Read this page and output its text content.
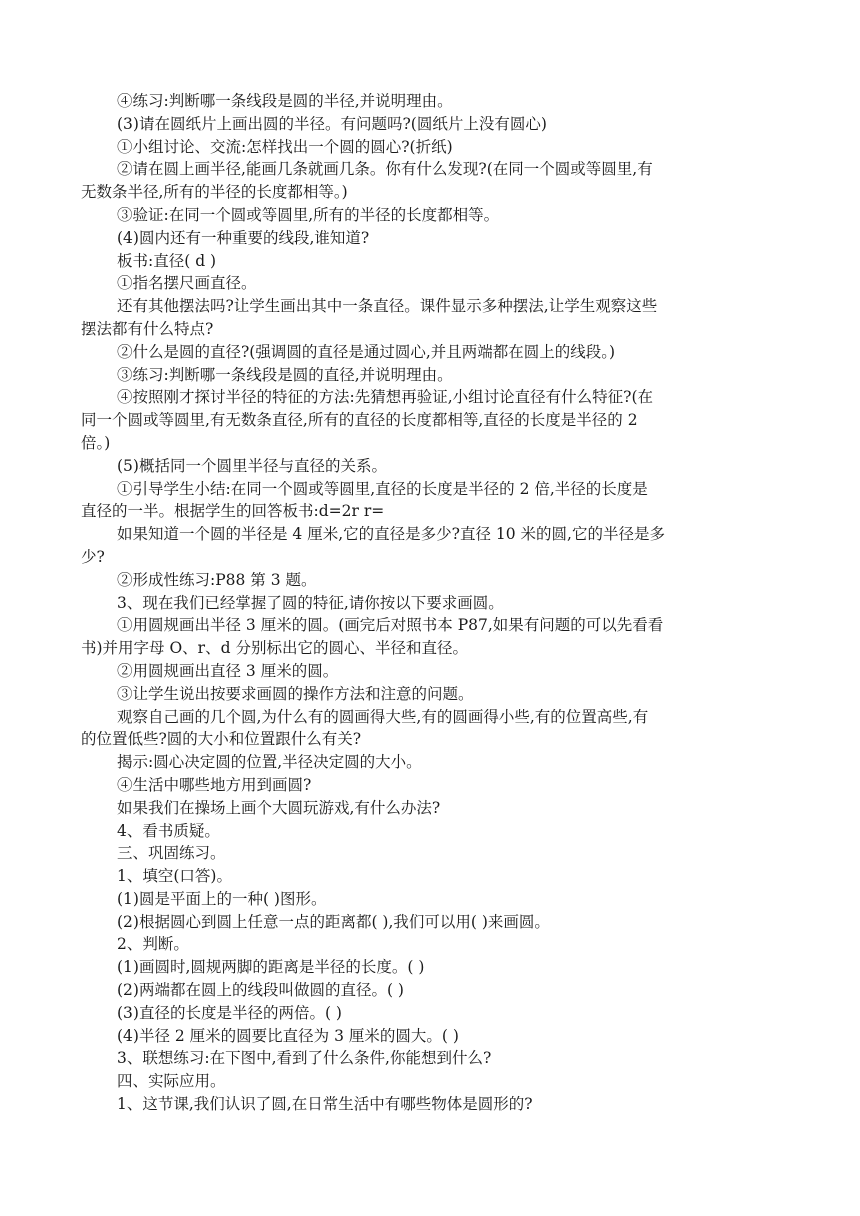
④练习:判断哪一条线段是圆的半径,并说明理由。
(3)请在圆纸片上画出圆的半径。有问题吗?(圆纸片上没有圆心)
①小组讨论、交流:怎样找出一个圆的圆心?(折纸)
②请在圆上画半径,能画几条就画几条。你有什么发现?(在同一个圆或等圆里,有
无数条半径,所有的半径的长度都相等。)
③验证:在同一个圆或等圆里,所有的半径的长度都相等。
(4)圆内还有一种重要的线段,谁知道?
板书:直径( d )
①指名摆尺画直径。
还有其他摆法吗?让学生画出其中一条直径。课件显示多种摆法,让学生观察这些
摆法都有什么特点?
②什么是圆的直径?(强调圆的直径是通过圆心,并且两端都在圆上的线段。)
③练习:判断哪一条线段是圆的直径,并说明理由。
④按照刚才探讨半径的特征的方法:先猜想再验证,小组讨论直径有什么特征?(在
同一个圆或等圆里,有无数条直径,所有的直径的长度都相等,直径的长度是半径的 2
倍。)
(5)概括同一个圆里半径与直径的关系。
①引导学生小结:在同一个圆或等圆里,直径的长度是半径的 2 倍,半径的长度是
直径的一半。根据学生的回答板书:d=2r r=
如果知道一个圆的半径是 4 厘米,它的直径是多少?直径 10 米的圆,它的半径是多
少?
②形成性练习:P88 第 3 题。
3、现在我们已经掌握了圆的特征,请你按以下要求画圆。
①用圆规画出半径 3 厘米的圆。(画完后对照书本 P87,如果有问题的可以先看看
书)并用字母 O、r、d 分别标出它的圆心、半径和直径。
②用圆规画出直径 3 厘米的圆。
③让学生说出按要求画圆的操作方法和注意的问题。
观察自己画的几个圆,为什么有的圆画得大些,有的圆画得小些,有的位置高些,有
的位置低些?圆的大小和位置跟什么有关?
揭示:圆心决定圆的位置,半径决定圆的大小。
④生活中哪些地方用到画圆?
如果我们在操场上画个大圆玩游戏,有什么办法?
4、看书质疑。
三、巩固练习。
1、填空(口答)。
(1)圆是平面上的一种( )图形。
(2)根据圆心到圆上任意一点的距离都( ),我们可以用( )来画圆。
2、判断。
(1)画圆时,圆规两脚的距离是半径的长度。( )
(2)两端都在圆上的线段叫做圆的直径。( )
(3)直径的长度是半径的两倍。( )
(4)半径 2 厘米的圆要比直径为 3 厘米的圆大。( )
3、联想练习:在下图中,看到了什么条件,你能想到什么?
四、实际应用。
1、这节课,我们认识了圆,在日常生活中有哪些物体是圆形的?
